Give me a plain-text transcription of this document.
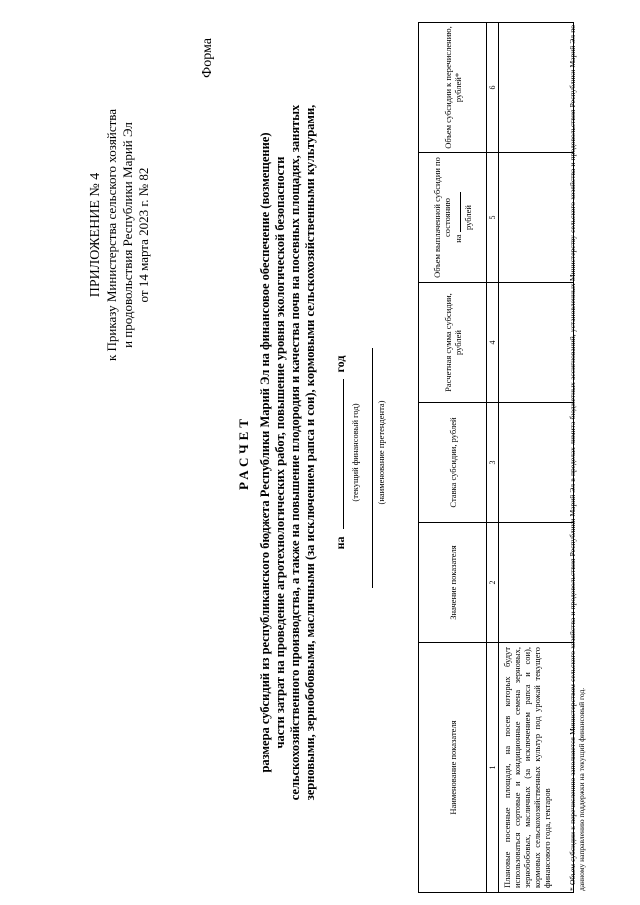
ПРИЛОЖЕНИЕ № 4 к Приказу Министерства сельского хозяйства и продовольствия Республики Марий Эл от 14 марта 2023 г. № 82
Форма
РАСЧЕТ размера субсидий из республиканского бюджета Республики Марий Эл на финансовое обеспечение (возмещение) части затрат на проведение агротехнологических работ, повышение уровня экологической безопасности сельскохозяйственного производства, а также на повышение плодородия и качества почв на посевных площадях, занятых зерновыми, зернобобовыми, масличными (за исключением рапса и сои), кормовыми сельскохозяйственными культурами, на  год
(текущий финансовый год) (наименование претендента)
Наименование показателя	Значение показателя	Ставка субсидии, рублей	Расчетная сумма субсидии, рублей	Объем выплаченной субсидии по состоянию
на
рублей	Объем субсидии к перечислению, рублей*
1	2	3	4	5	6
Плановые посевные площади, на посев которых будут использоваться сортовые и кондиционные семена зерновых, зернобобовых, масличных (за исключением рапса и сои), кормовых сельскохозяйственных культур под урожай текущего финансового года, гектаров					* Объем субсидии к перечислению заполняется Министерством сельского хозяйства и продовольствия Республики Марий Эл в пределах лимита бюджетных ассигнований, установленных Министерству сельского хозяйства и продовольствия Республики Марий Эл по данному направлению поддержки на текущий финансовый год.
